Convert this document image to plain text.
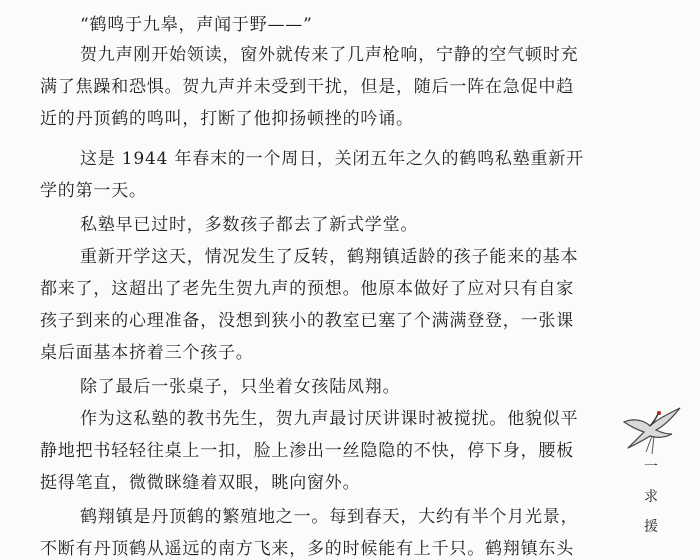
“鹤鸣于九皋，声闻于野——”
贺九声刚开始领读，窗外就传来了几声枪响，宁静的空气顿时充
满了焦躁和恐惧。贺九声并未受到干扰，但是，随后一阵在急促中趋
近的丹顶鹤的鸣叫，打断了他抑扬顿挫的吟诵。
这是 1944 年春末的一个周日，关闭五年之久的鹤鸣私塾重新开
学的第一天。
私塾早已过时，多数孩子都去了新式学堂。
重新开学这天，情况发生了反转，鹤翔镇适龄的孩子能来的基本
都来了，这超出了老先生贺九声的预想。他原本做好了应对只有自家
孩子到来的心理准备，没想到狭小的教室已塞了个满满登登，一张课
桌后面基本挤着三个孩子。
除了最后一张桌子，只坐着女孩陆凤翔。
作为这私塾的教书先生，贺九声最讨厌讲课时被搅扰。他貌似平
静地把书轻轻往桌上一扣，脸上渗出一丝隐隐的不快，停下身，腰板
挺得笔直，微微眯缝着双眼，眺向窗外。
鹤翔镇是丹顶鹤的繁殖地之一。每到春天，大约有半个月光景，
不断有丹顶鹤从遥远的南方飞来，多的时候能有上千只。鹤翔镇东头
一
求
援
